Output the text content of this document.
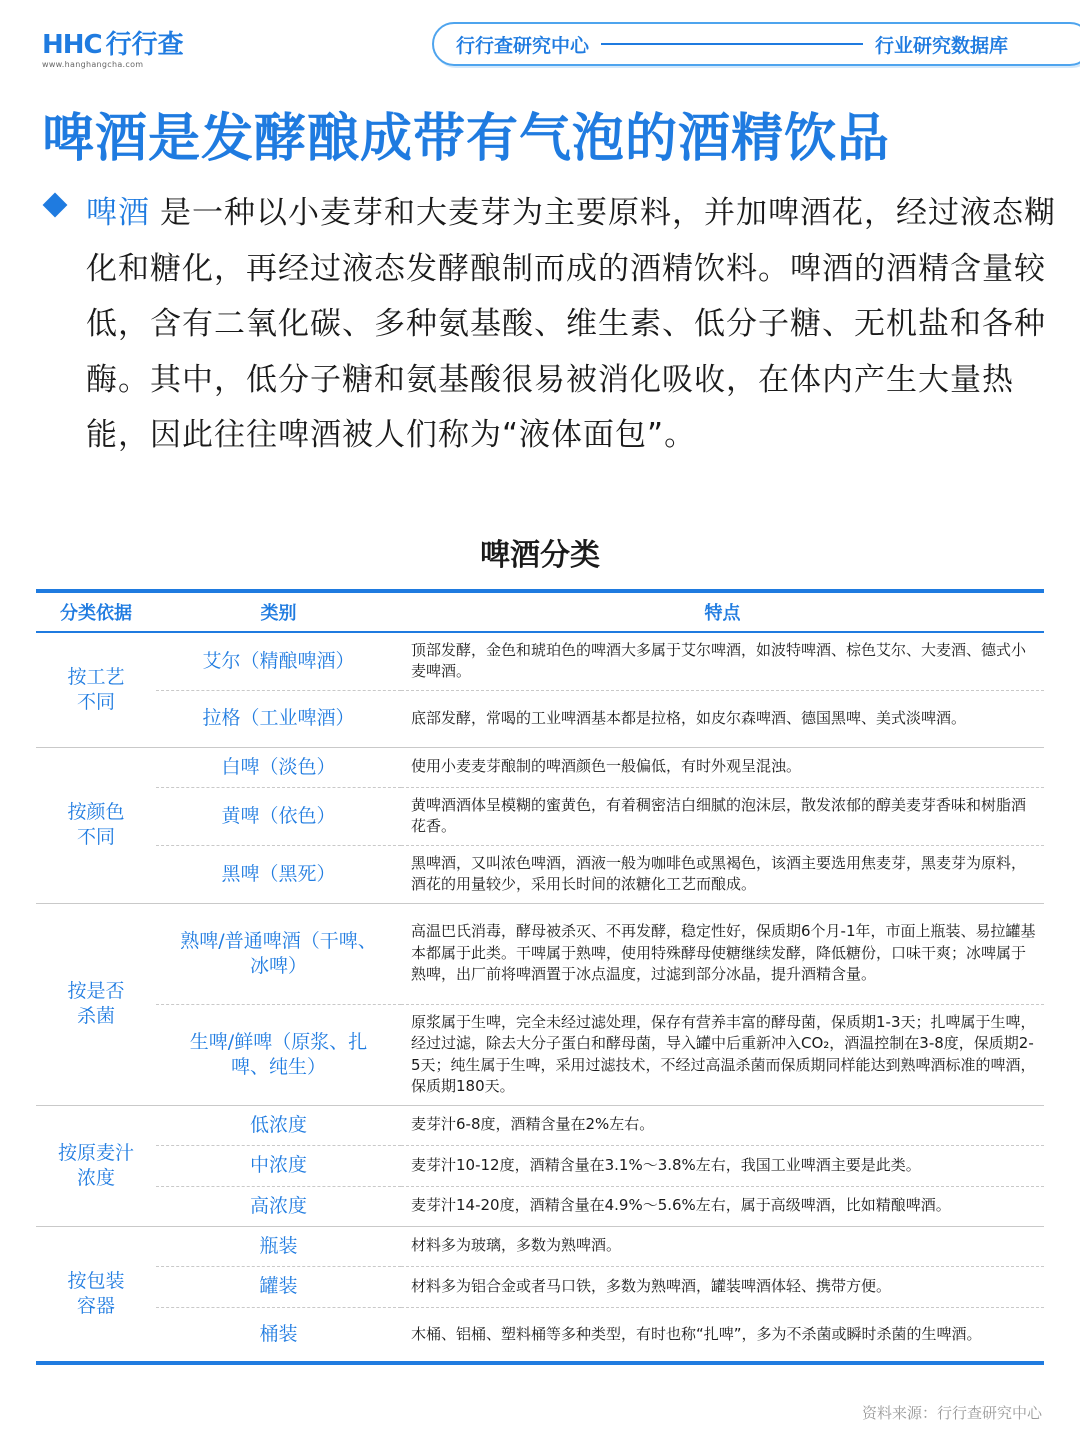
HHC 行行查
www.hanghangcha.com
行行查研究中心	行业研究数据库
啤酒是发酵酿成带有气泡的酒精饮品

啤酒 是一种以小麦芽和大麦芽为主要原料，并加啤酒花，经过液态糊化和糖化，再经过液态发酵酿制而成的酒精饮料。啤酒的酒精含量较低，含有二氧化碳、多种氨基酸、维生素、低分子糖、无机盐和各种酶。其中，低分子糖和氨基酸很易被消化吸收，在体内产生大量热能，因此往往啤酒被人们称为“液体面包”。

啤酒分类
分类依据	类别	特点

按工艺不同	艾尔（精酿啤酒）	顶部发酵，金色和琥珀色的啤酒大多属于艾尔啤酒，如波特啤酒、棕色艾尔、大麦酒、德式小麦啤酒。
	拉格（工业啤酒）	底部发酵，常喝的工业啤酒基本都是拉格，如皮尔森啤酒、德国黑啤、美式淡啤酒。

按颜色不同	白啤（淡色）	使用小麦麦芽酿制的啤酒颜色一般偏低，有时外观呈混浊。
	黄啤（依色）	黄啤酒酒体呈模糊的蜜黄色，有着稠密洁白细腻的泡沫层，散发浓郁的醇美麦芽香味和树脂酒花香。
	黑啤（黑死）	黑啤酒，又叫浓色啤酒，酒液一般为咖啡色或黑褐色，该酒主要选用焦麦芽，黑麦芽为原料，酒花的用量较少，采用长时间的浓糖化工艺而酿成。

按是否杀菌	熟啤/普通啤酒（干啤、冰啤）	高温巴氏消毒，酵母被杀灭、不再发酵，稳定性好，保质期6个月-1年，市面上瓶装、易拉罐基本都属于此类。干啤属于熟啤，使用特殊酵母使糖继续发酵，降低糖份，口味干爽；冰啤属于熟啤，出厂前将啤酒置于冰点温度，过滤到部分冰晶，提升酒精含量。

	生啤/鲜啤（原浆、扎啤、纯生）	原浆属于生啤，完全未经过滤处理，保存有营养丰富的酵母菌，保质期1-3天；扎啤属于生啤，经过过滤，除去大分子蛋白和酵母菌，导入罐中后重新冲入CO₂，酒温控制在3-8度，保质期2-5天；纯生属于生啤，采用过滤技术，不经过高温杀菌而保质期同样能达到熟啤酒标准的啤酒，保质期180天。

按原麦汁浓度	低浓度	麦芽汁6-8度，酒精含量在2%左右。
	中浓度	麦芽汁10-12度，酒精含量在3.1%～3.8%左右，我国工业啤酒主要是此类。
	高浓度	麦芽汁14-20度，酒精含量在4.9%～5.6%左右，属于高级啤酒，比如精酿啤酒。

按包装容器	瓶装	材料多为玻璃，多数为熟啤酒。
	罐装	材料多为铝合金或者马口铁，多数为熟啤酒，罐装啤酒体轻、携带方便。
	桶装	木桶、铝桶、塑料桶等多种类型，有时也称“扎啤”，多为不杀菌或瞬时杀菌的生啤酒。
资料来源：行行查研究中心
